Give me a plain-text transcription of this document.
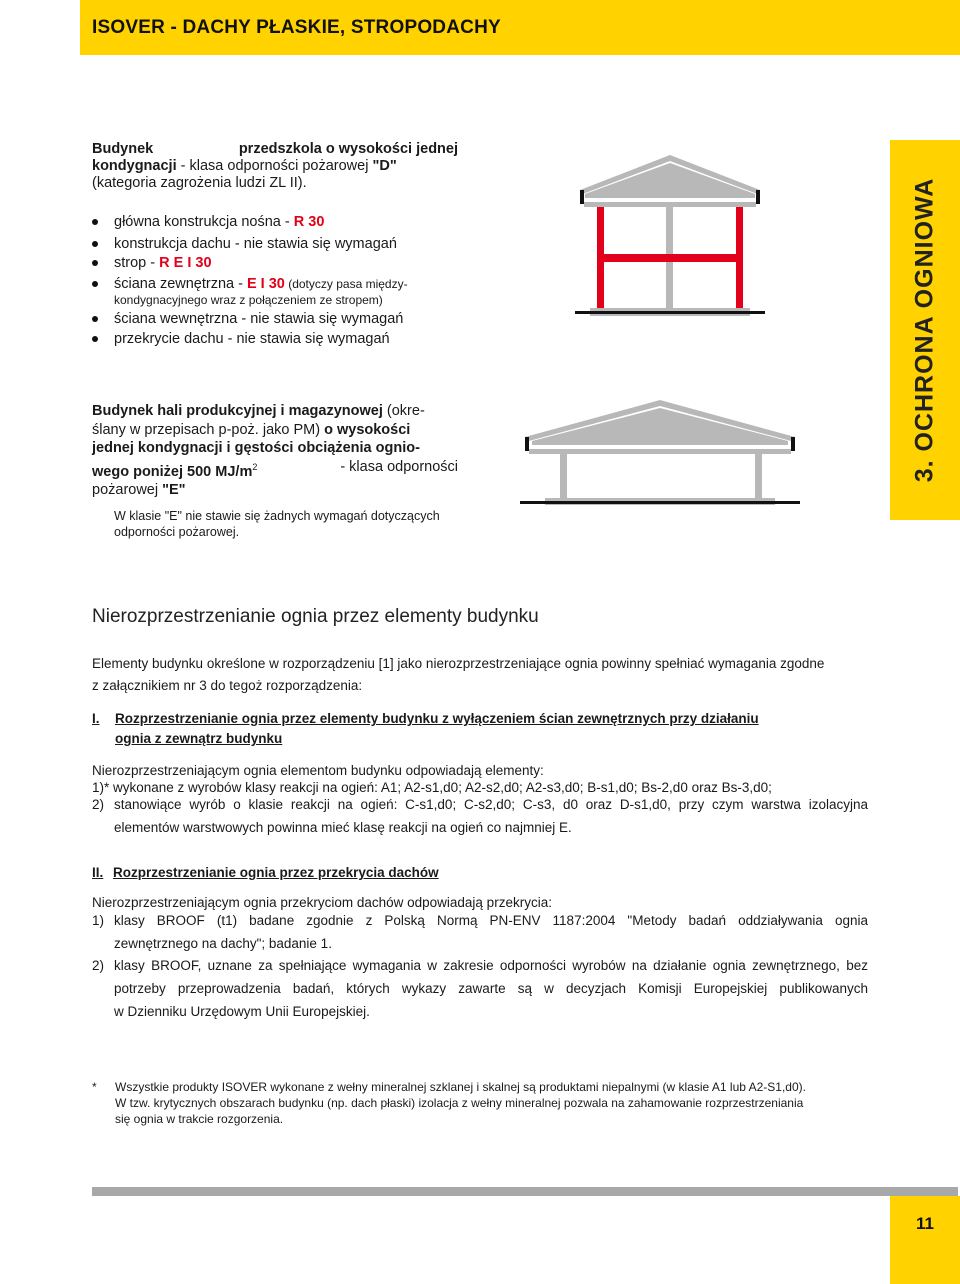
ISOVER - DACHY PŁASKIE, STROPODACHY
3. OCHRONA OGNIOWA
Budynek	przedszkola o wysokości jednej
kondygnacji - klasa odporności pożarowej "D"
(kategoria zagrożenia ludzi ZL II).
główna konstrukcja nośna - R 30
konstrukcja dachu - nie stawia się wymagań
strop - R E I 30
ściana zewnętrzna - E I 30 (dotyczy pasa między-
kondygnacyjnego wraz z połączeniem ze stropem)
ściana wewnętrzna - nie stawia się wymagań
przekrycie dachu - nie stawia się wymagań
Budynek hali produkcyjnej i magazynowej (okre-
ślany w przepisach p-poż. jako PM) o wysokości
jednej kondygnacji i gęstości obciążenia ognio-
wego poniżej 500 $MJ/m^2$	- klasa odporności
pożarowej "E"
W klasie "E" nie stawie się żadnych wymagań dotyczących
odporności pożarowej.
Nierozprzestrzenianie ognia przez elementy budynku
Elementy budynku określone w rozporządzeniu [1] jako nierozprzestrzeniające ognia powinny spełniać wymagania zgodne
z załącznikiem nr 3 do tegoż rozporządzenia:
I. Rozprzestrzenianie ognia przez elementy budynku z wyłączeniem ścian zewnętrznych przy działaniu
ognia z zewnątrz budynku
Nierozprzestrzeniającym ognia elementom budynku odpowiadają elementy:
1)* wykonane z wyrobów klasy reakcji na ogień: A1; A2-s1,d0; A2-s2,d0; A2-s3,d0; B-s1,d0; Bs-2,d0 oraz Bs-3,d0;
2) stanowiące wyrób o klasie reakcji na ogień: C-s1,d0; C-s2,d0; C-s3, d0 oraz D-s1,d0, przy czym warstwa izolacyjna
elementów warstwowych powinna mieć klasę reakcji na ogień co najmniej E.
II. Rozprzestrzenianie ognia przez przekrycia dachów
Nierozprzestrzeniającym ognia przekryciom dachów odpowiadają przekrycia:
1) klasy BROOF (t1) badane zgodnie z Polską Normą PN-ENV 1187:2004 "Metody badań oddziaływania ognia
zewnętrznego na dachy"; badanie 1.
2) klasy BROOF, uznane za spełniające wymagania w zakresie odporności wyrobów na działanie ognia zewnętrznego, bez
potrzeby przeprowadzenia badań, których wykazy zawarte są w decyzjach Komisji Europejskiej publikowanych
w Dzienniku Urzędowym Unii Europejskiej.
* Wszystkie produkty ISOVER wykonane z wełny mineralnej szklanej i skalnej są produktami niepalnymi (w klasie A1 lub A2-S1,d0).
W tzw. krytycznych obszarach budynku (np. dach płaski) izolacja z wełny mineralnej pozwala na zahamowanie rozprzestrzeniania
się ognia w trakcie rozgorzenia.
11
